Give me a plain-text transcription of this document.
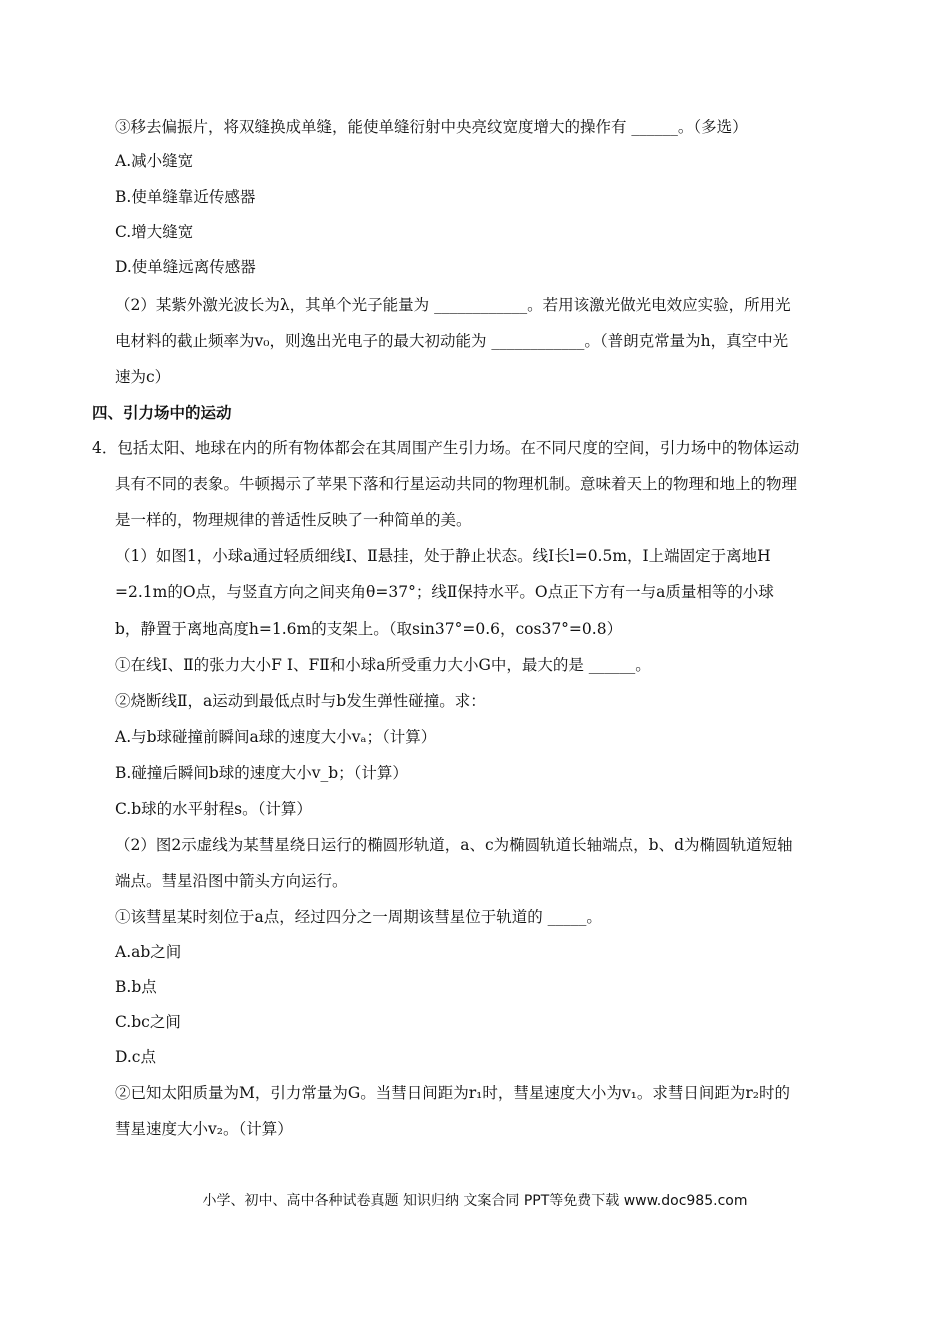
③移去偏振片，将双缝换成单缝，能使单缝衍射中央亮纹宽度增大的操作有 ______。（多选）
A.减小缝宽
B.使单缝靠近传感器
C.增大缝宽
D.使单缝远离传感器
（2）某紫外激光波长为λ，其单个光子能量为 ____________。若用该激光做光电效应实验，所用光
电材料的截止频率为v₀，则逸出光电子的最大初动能为 ____________。（普朗克常量为h，真空中光
速为c）
四、引力场中的运动
4．包括太阳、地球在内的所有物体都会在其周围产生引力场。在不同尺度的空间，引力场中的物体运动
具有不同的表象。牛顿揭示了苹果下落和行星运动共同的物理机制。意味着天上的物理和地上的物理
是一样的，物理规律的普适性反映了一种简单的美。
（1）如图1，小球a通过轻质细线Ⅰ、Ⅱ悬挂，处于静止状态。线Ⅰ长l=0.5m，Ⅰ上端固定于离地H
=2.1m的O点，与竖直方向之间夹角θ=37°；线Ⅱ保持水平。O点正下方有一与a质量相等的小球
b，静置于离地高度h=1.6m的支架上。（取sin37°=0.6，cos37°=0.8）
①在线Ⅰ、Ⅱ的张力大小F Ⅰ、FⅡ和小球a所受重力大小G中，最大的是 ______。
②烧断线Ⅱ，a运动到最低点时与b发生弹性碰撞。求：
A.与b球碰撞前瞬间a球的速度大小vₐ；（计算）
B.碰撞后瞬间b球的速度大小v_b；（计算）
C.b球的水平射程s。（计算）
（2）图2示虚线为某彗星绕日运行的椭圆形轨道，a、c为椭圆轨道长轴端点，b、d为椭圆轨道短轴
端点。彗星沿图中箭头方向运行。
①该彗星某时刻位于a点，经过四分之一周期该彗星位于轨道的 _____。
A.ab之间
B.b点
C.bc之间
D.c点
②已知太阳质量为M，引力常量为G。当彗日间距为r₁时，彗星速度大小为v₁。求彗日间距为r₂时的
彗星速度大小v₂。（计算）
小学、初中、高中各种试卷真题 知识归纳 文案合同 PPT等免费下载 www.doc985.com
